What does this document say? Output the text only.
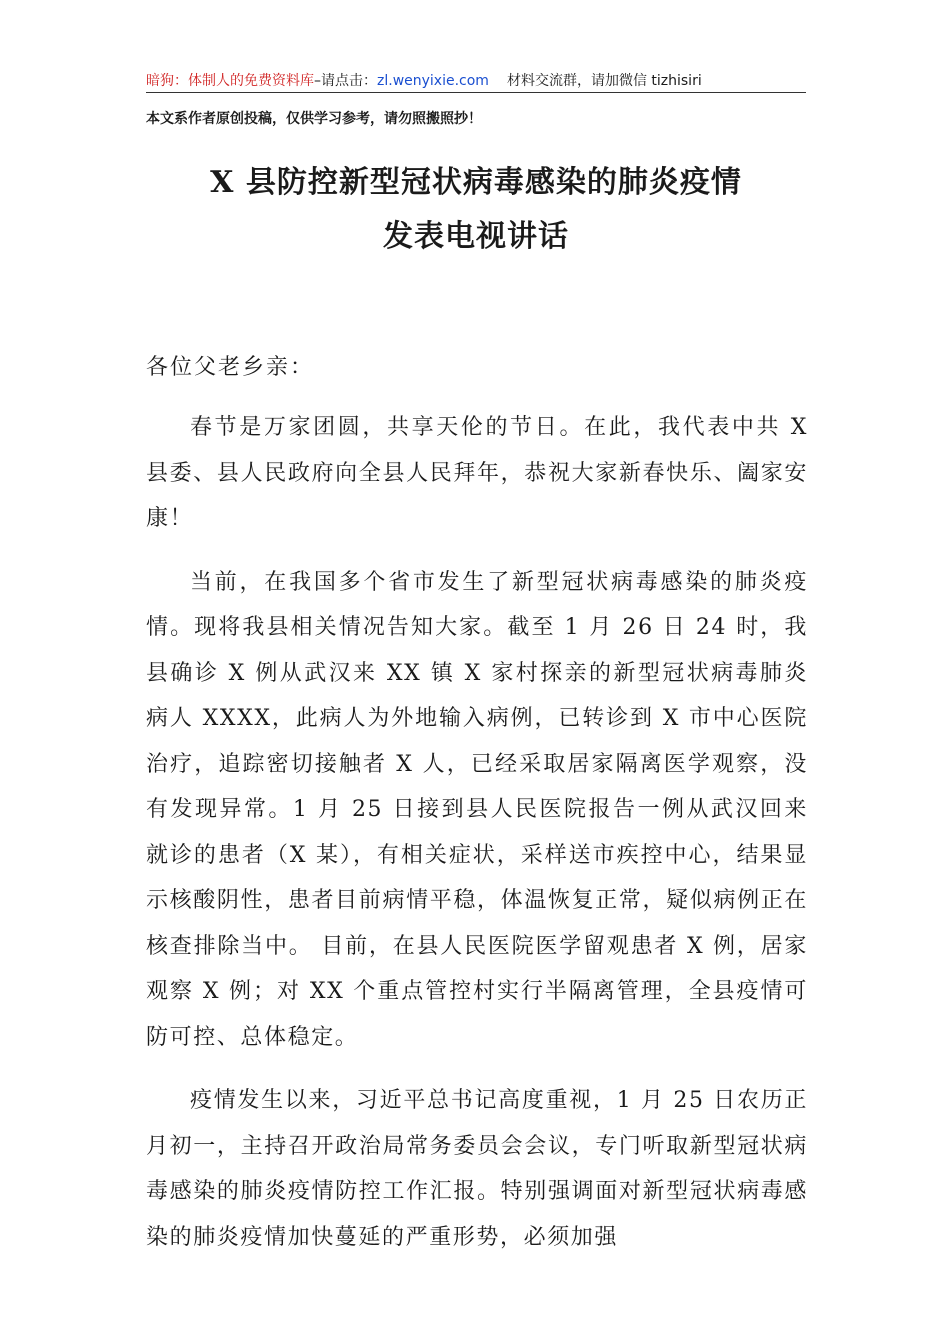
暗狗：体制人的免费资料库–请点击：zl.wenyixie.com 材料交流群，请加微信 tizhisiri
本文系作者原创投稿，仅供学习参考，请勿照搬照抄！
X 县防控新型冠状病毒感染的肺炎疫情
发表电视讲话
各位父老乡亲：

春节是万家团圆，共享天伦的节日。在此，我代表中共 X 县委、县人民政府向全县人民拜年，恭祝大家新春快乐、阖家安康！

当前，在我国多个省市发生了新型冠状病毒感染的肺炎疫情。现将我县相关情况告知大家。截至 1 月 26 日 24 时，我县确诊 X 例从武汉来 XX 镇 X 家村探亲的新型冠状病毒肺炎病人 XXXX，此病人为外地输入病例，已转诊到 X 市中心医院治疗，追踪密切接触者 X 人，已经采取居家隔离医学观察，没有发现异常。1 月 25 日接到县人民医院报告一例从武汉回来就诊的患者（X 某），有相关症状，采样送市疾控中心，结果显示核酸阴性，患者目前病情平稳，体温恢复正常，疑似病例正在核查排除当中。 目前，在县人民医院医学留观患者 X 例，居家观察 X 例；对 XX 个重点管控村实行半隔离管理，全县疫情可防可控、总体稳定。

疫情发生以来，习近平总书记高度重视，1 月 25 日农历正月初一，主持召开政治局常务委员会会议，专门听取新型冠状病毒感染的肺炎疫情防控工作汇报。特别强调面对新型冠状病毒感染的肺炎疫情加快蔓延的严重形势，必须加强
